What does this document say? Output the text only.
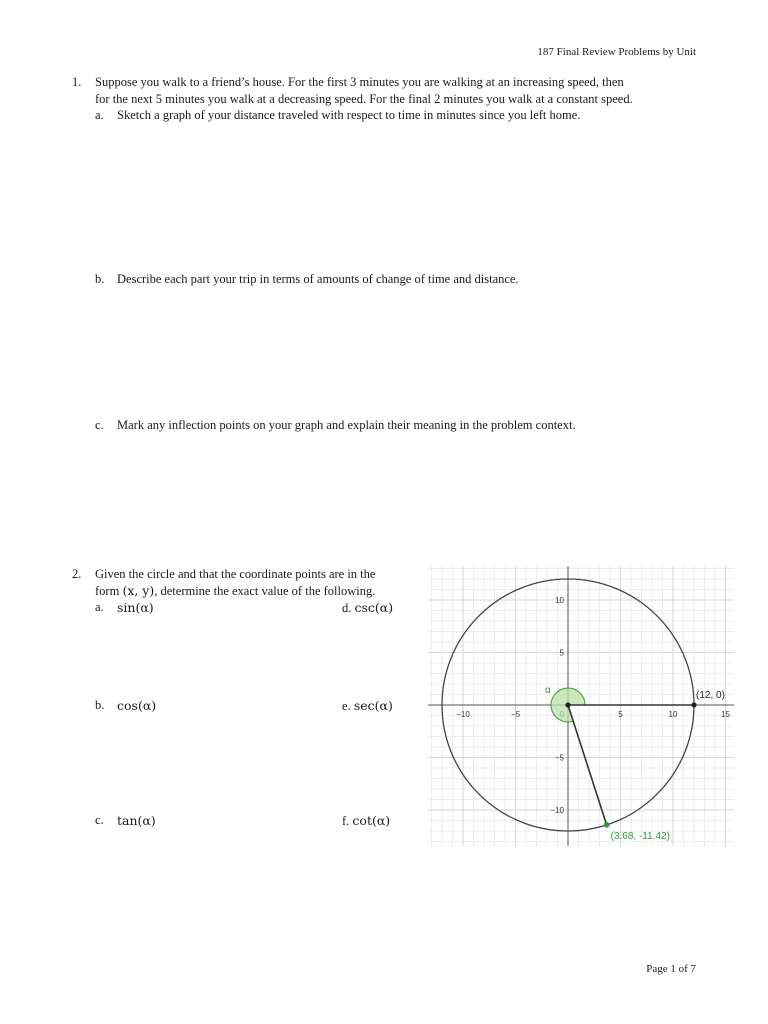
187 Final Review Problems by Unit
1.	Suppose you walk to a friend’s house. For the first 3 minutes you are walking at an increasing speed, then
for the next 5 minutes you walk at a decreasing speed. For the final 2 minutes you walk at a constant speed.
a.	Sketch a graph of your distance traveled with respect to time in minutes since you left home.
b.	Describe each part your trip in terms of amounts of change of time and distance.
c.	Mark any inflection points on your graph and explain their meaning in the problem context.
2.	Given the circle and that the coordinate points are in the
form (x, y), determine the exact value of the following.
a.	sin(α)	d. csc(α)
b.	cos(α)	e. sec(α)
c.	tan(α)	f. cot(α)
−10	−5	5	10	15
10
5
−5
−10
α	(12, 0)
(3.68, -11.42)
Page 1 of 7
